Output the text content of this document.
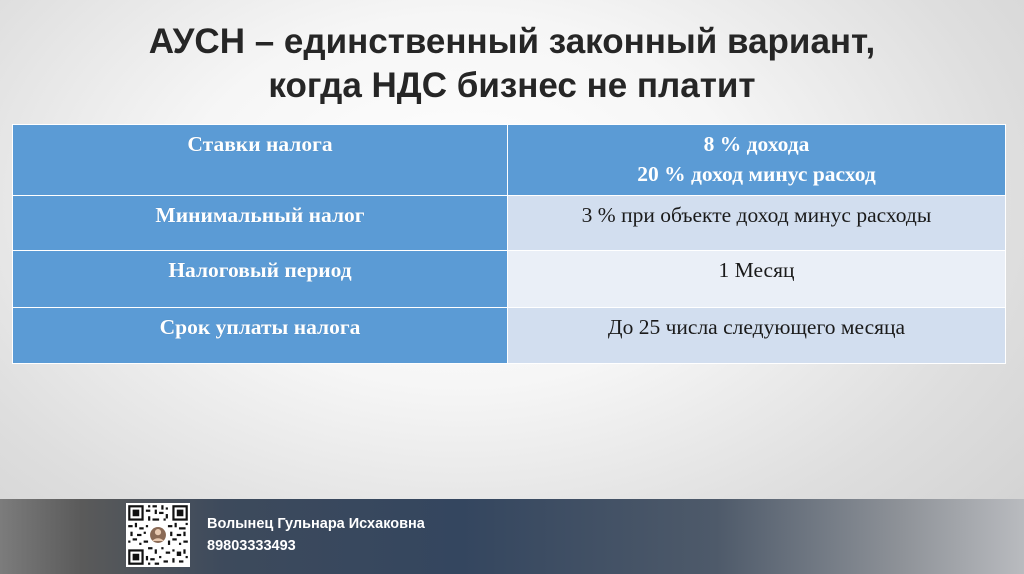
АУСН – единственный законный вариант,
когда НДС бизнес не платит
Ставки налога	8 % дохода
20 % доход минус расход

Минимальный налог	3 % при объекте доход минус расходы
Налоговый период	1 Месяц
Срок уплаты налога	До 25 числа следующего месяца
Волынец Гульнара Исхаковна
89803333493
